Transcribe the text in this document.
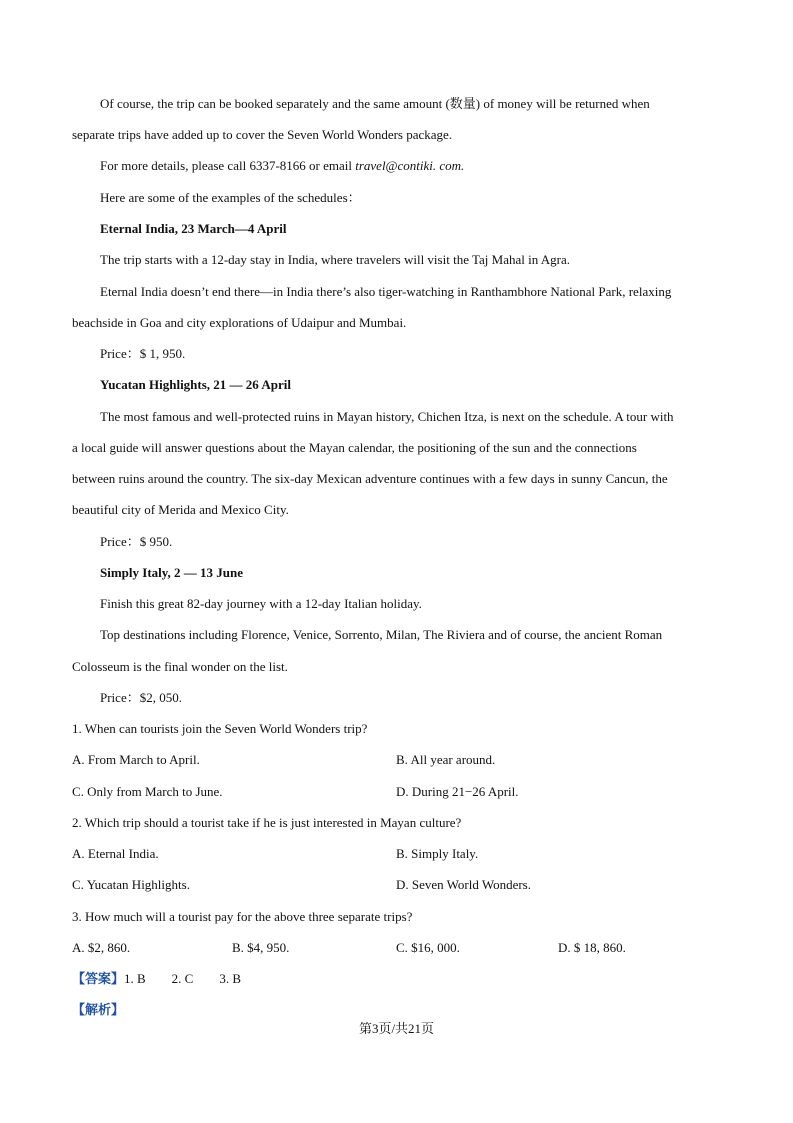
Of course, the trip can be booked separately and the same amount (数量) of money will be returned when
separate trips have added up to cover the Seven World Wonders package.
For more details, please call 6337-8166 or email travel@contiki. com.
Here are some of the examples of the schedules：
Eternal India, 23 March—4 April
The trip starts with a 12-day stay in India, where travelers will visit the Taj Mahal in Agra.
Eternal India doesn’t end there—in India there’s also tiger-watching in Ranthambhore National Park, relaxing
beachside in Goa and city explorations of Udaipur and Mumbai.
Price：$ 1, 950.
Yucatan Highlights, 21 — 26 April
The most famous and well-protected ruins in Mayan history, Chichen Itza, is next on the schedule. A tour with
a local guide will answer questions about the Mayan calendar, the positioning of the sun and the connections
between ruins around the country. The six-day Mexican adventure continues with a few days in sunny Cancun, the
beautiful city of Merida and Mexico City.
Price：$ 950.
Simply Italy, 2 — 13 June
Finish this great 82-day journey with a 12-day Italian holiday.
Top destinations including Florence, Venice, Sorrento, Milan, The Riviera and of course, the ancient Roman
Colosseum is the final wonder on the list.
Price：$2, 050.
1. When can tourists join the Seven World Wonders trip?
A. From March to April.	B. All year around.
C. Only from March to June.	D. During 21−26 April.
2. Which trip should a tourist take if he is just interested in Mayan culture?
A. Eternal India.	B. Simply Italy.
C. Yucatan Highlights.	D. Seven World Wonders.
3. How much will a tourist pay for the above three separate trips?
A. $2, 860.	B. $4, 950.	C. $16, 000.	D. $ 18, 860.
【答案】1. B        2. C        3. B
【解析】
第3页/共21页
